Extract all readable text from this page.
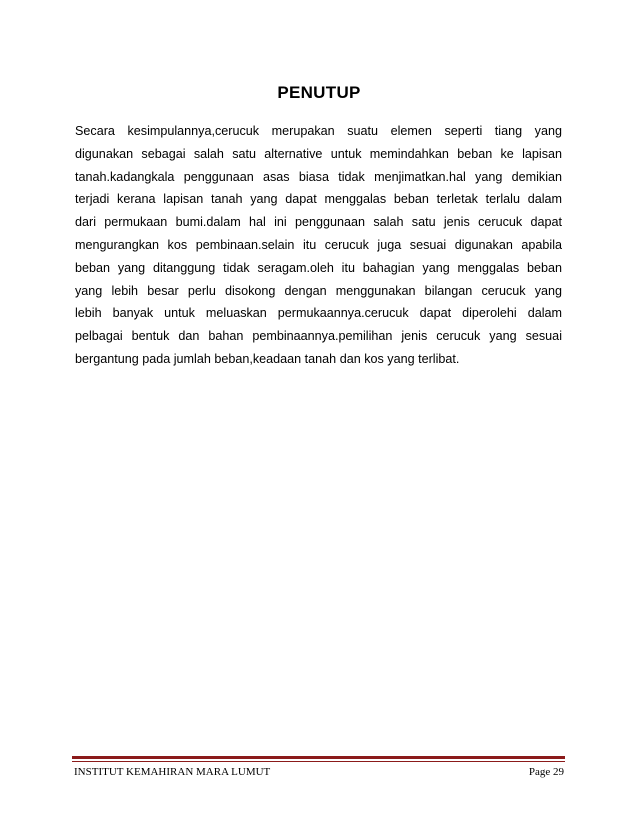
PENUTUP
Secara kesimpulannya,cerucuk merupakan suatu elemen seperti tiang yang
digunakan sebagai salah satu alternative untuk memindahkan beban ke lapisan
tanah.kadangkala penggunaan asas biasa tidak menjimatkan.hal yang demikian
terjadi kerana lapisan tanah yang dapat menggalas beban terletak terlalu dalam
dari permukaan bumi.dalam hal ini penggunaan salah satu jenis cerucuk dapat
mengurangkan kos pembinaan.selain itu cerucuk juga sesuai digunakan apabila
beban yang ditanggung tidak seragam.oleh itu bahagian yang menggalas beban
yang lebih besar perlu disokong dengan menggunakan bilangan cerucuk yang
lebih banyak untuk meluaskan permukaannya.cerucuk dapat diperolehi dalam
pelbagai bentuk dan bahan pembinaannya.pemilihan jenis cerucuk yang sesuai
bergantung pada jumlah beban,keadaan tanah dan kos yang terlibat.

INSTITUT KEMAHIRAN MARA LUMUT	Page 29
